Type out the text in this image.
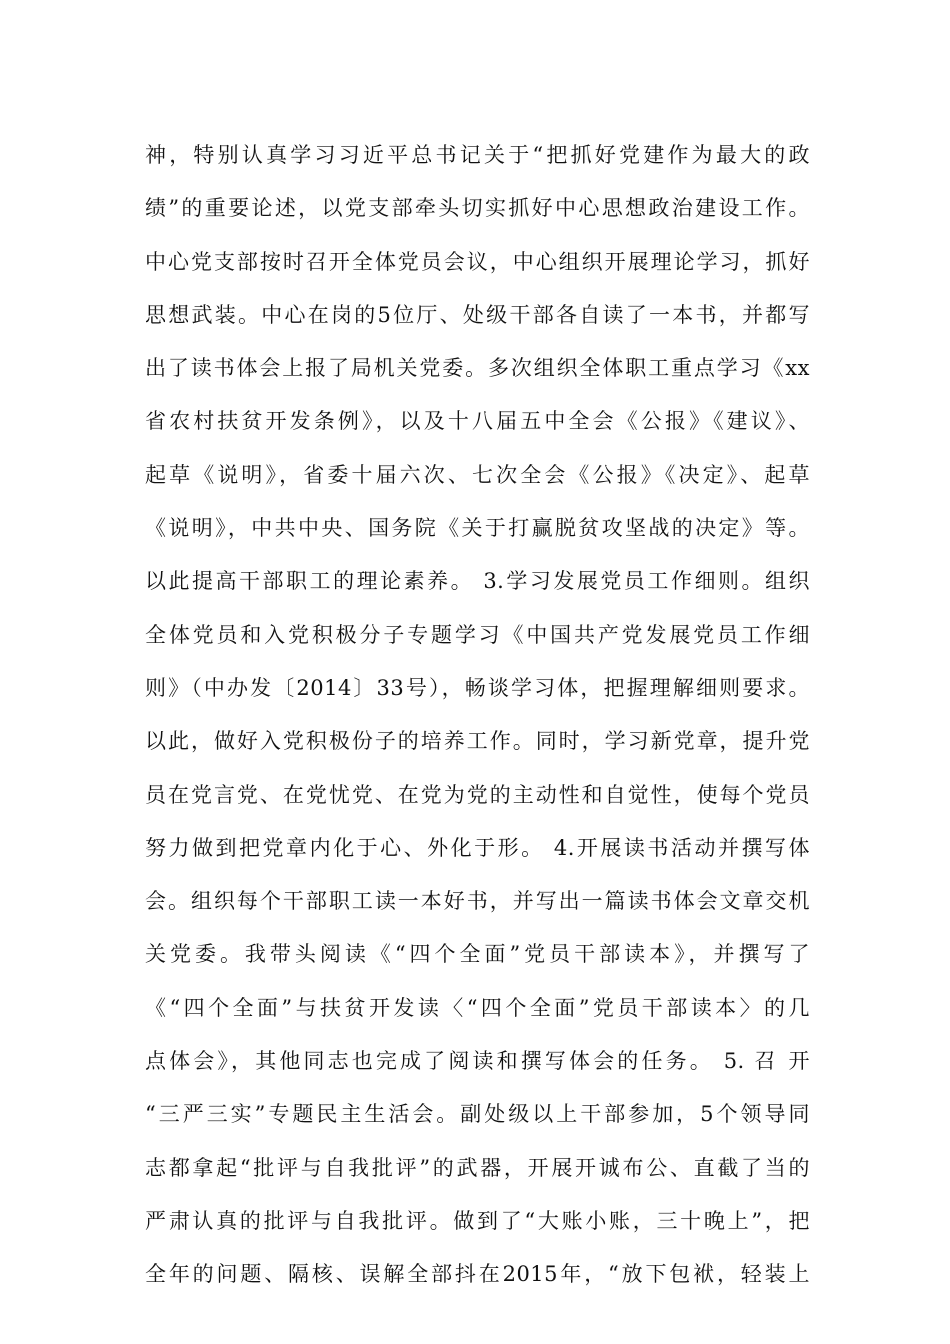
神，特别认真学习习近平总书记关于“把抓好党建作为最大的政
绩”的重要论述，以党支部牵头切实抓好中心思想政治建设工作。
中心党支部按时召开全体党员会议，中心组织开展理论学习，抓好
思想武装。中心在岗的5位厅、处级干部各自读了一本书，并都写
出了读书体会上报了局机关党委。多次组织全体职工重点学习《xx
省农村扶贫开发条例》，以及十八届五中全会《公报》《建议》、
起草《说明》，省委十届六次、七次全会《公报》《决定》、起草
《说明》，中共中央、国务院《关于打赢脱贫攻坚战的决定》等。
以此提高干部职工的理论素养。 3.学习发展党员工作细则。组织
全体党员和入党积极分子专题学习《中国共产党发展党员工作细
则》（中办发〔2014〕33号），畅谈学习体，把握理解细则要求。
以此，做好入党积极份子的培养工作。同时，学习新党章，提升党
员在党言党、在党忧党、在党为党的主动性和自觉性，使每个党员
努力做到把党章内化于心、外化于形。 4.开展读书活动并撰写体
会。组织每个干部职工读一本好书，并写出一篇读书体会文章交机
关党委。我带头阅读《“四个全面”党员干部读本》，并撰写了
《“四个全面”与扶贫开发读〈“四个全面”党员干部读本〉的几
点体会》，其他同志也完成了阅读和撰写体会的任务。 5. 召 开
“三严三实”专题民主生活会。副处级以上干部参加，5个领导同
志都拿起“批评与自我批评”的武器，开展开诚布公、直截了当的
严肃认真的批评与自我批评。做到了“大账小账，三十晚上”，把
全年的问题、隔核、误解全部抖在2015年，“放下包袱，轻装上
